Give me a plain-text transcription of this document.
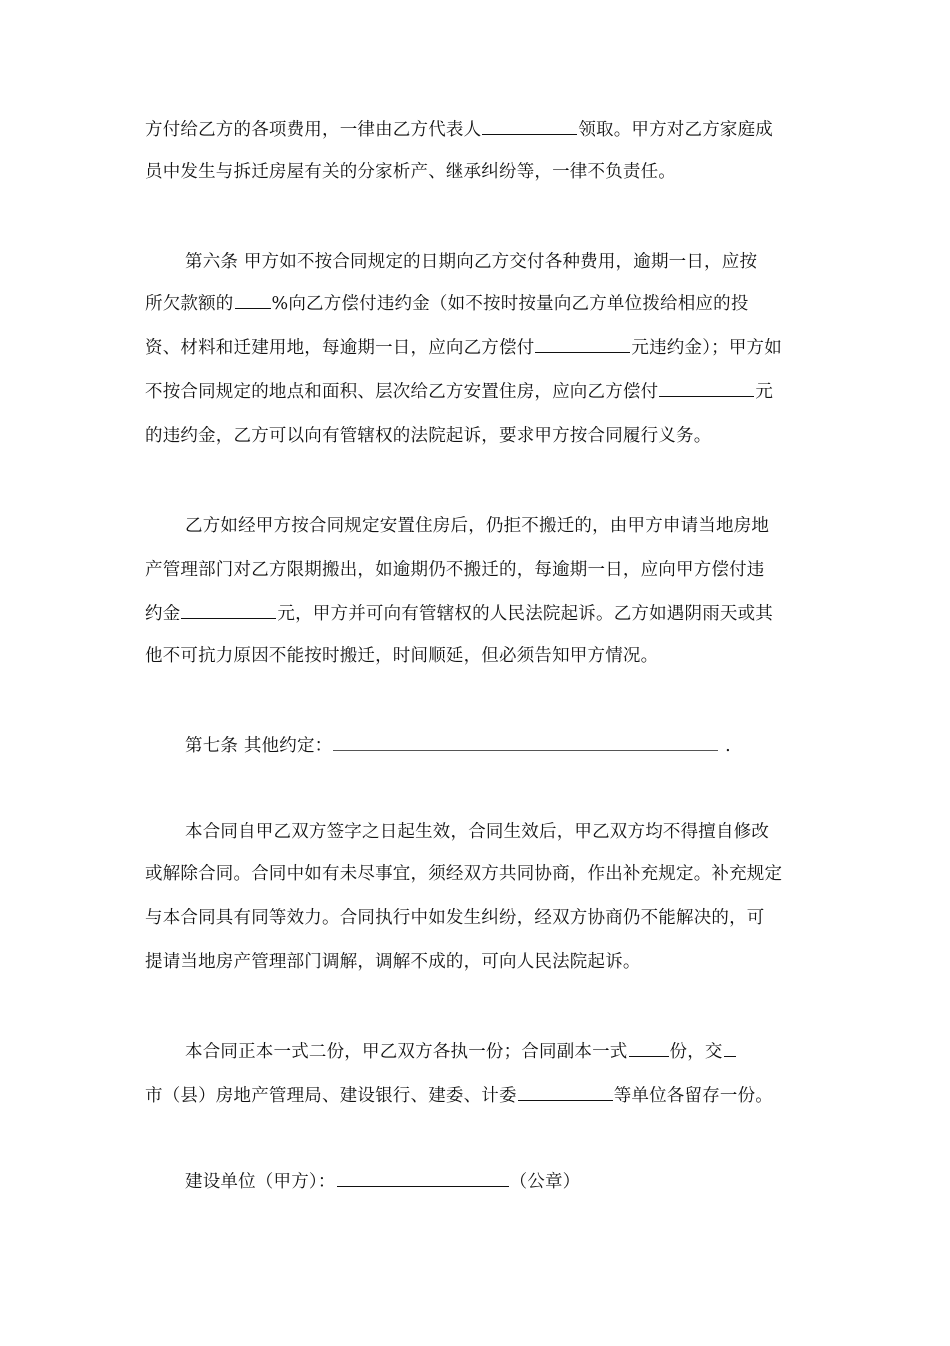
方付给乙方的各项费用，一律由乙方代表人	领取。甲方对乙方家庭成
员中发生与拆迁房屋有关的分家析产、继承纠纷等，一律不负责任。
第六条 甲方如不按合同规定的日期向乙方交付各种费用，逾期一日，应按
所欠款额的 %向乙方偿付违约金（如不按时按量向乙方单位拨给相应的投
资、材料和迁建用地，每逾期一日，应向乙方偿付	元违约金）；甲方如
不按合同规定的地点和面积、层次给乙方安置住房，应向乙方偿付	元
的违约金，乙方可以向有管辖权的法院起诉，要求甲方按合同履行义务。
乙方如经甲方按合同规定安置住房后，仍拒不搬迁的，由甲方申请当地房地
产管理部门对乙方限期搬出，如逾期仍不搬迁的，每逾期一日，应向甲方偿付违
约金	元，甲方并可向有管辖权的人民法院起诉。乙方如遇阴雨天或其
他不可抗力原因不能按时搬迁，时间顺延，但必须告知甲方情况。
第七条 其他约定：	.
本合同自甲乙双方签字之日起生效，合同生效后，甲乙双方均不得擅自修改
或解除合同。合同中如有未尽事宜，须经双方共同协商，作出补充规定。补充规定
与本合同具有同等效力。合同执行中如发生纠纷，经双方协商仍不能解决的，可
提请当地房产管理部门调解，调解不成的，可向人民法院起诉。
本合同正本一式二份，甲乙双方各执一份；合同副本一式 份，交
市（县）房地产管理局、建设银行、建委、计委	等单位各留存一份。
建设单位（甲方）：	（公章）
